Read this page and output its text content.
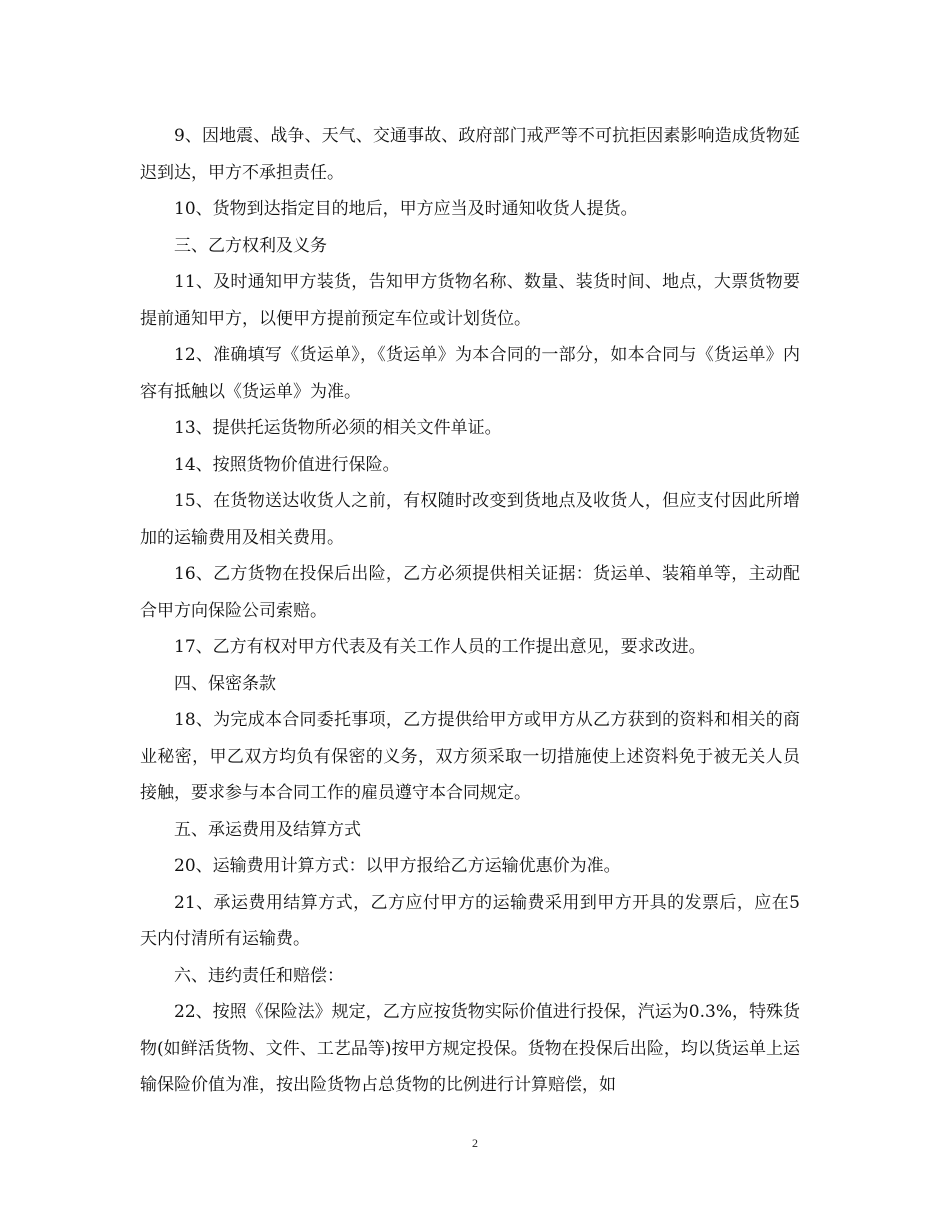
9、因地震、战争、天气、交通事故、政府部门戒严等不可抗拒因素影响造成货物延迟到达，甲方不承担责任。

10、货物到达指定目的地后，甲方应当及时通知收货人提货。

三、乙方权利及义务

11、及时通知甲方装货，告知甲方货物名称、数量、装货时间、地点，大票货物要提前通知甲方，以便甲方提前预定车位或计划货位。

12、准确填写《货运单》，《货运单》为本合同的一部分，如本合同与《货运单》内容有抵触以《货运单》为准。

13、提供托运货物所必须的相关文件单证。

14、按照货物价值进行保险。

15、在货物送达收货人之前，有权随时改变到货地点及收货人，但应支付因此所增加的运输费用及相关费用。

16、乙方货物在投保后出险，乙方必须提供相关证据：货运单、装箱单等，主动配合甲方向保险公司索赔。

17、乙方有权对甲方代表及有关工作人员的工作提出意见，要求改进。

四、保密条款

18、为完成本合同委托事项，乙方提供给甲方或甲方从乙方获到的资料和相关的商业秘密，甲乙双方均负有保密的义务，双方须采取一切措施使上述资料免于被无关人员接触，要求参与本合同工作的雇员遵守本合同规定。

五、承运费用及结算方式

20、运输费用计算方式：以甲方报给乙方运输优惠价为准。

21、承运费用结算方式，乙方应付甲方的运输费采用到甲方开具的发票后，应在5天内付清所有运输费。

六、违约责任和赔偿：

22、按照《保险法》规定，乙方应按货物实际价值进行投保，汽运为0.3%，特殊货物(如鲜活货物、文件、工艺品等)按甲方规定投保。货物在投保后出险，均以货运单上运输保险价值为准，按出险货物占总货物的比例进行计算赔偿，如

2
